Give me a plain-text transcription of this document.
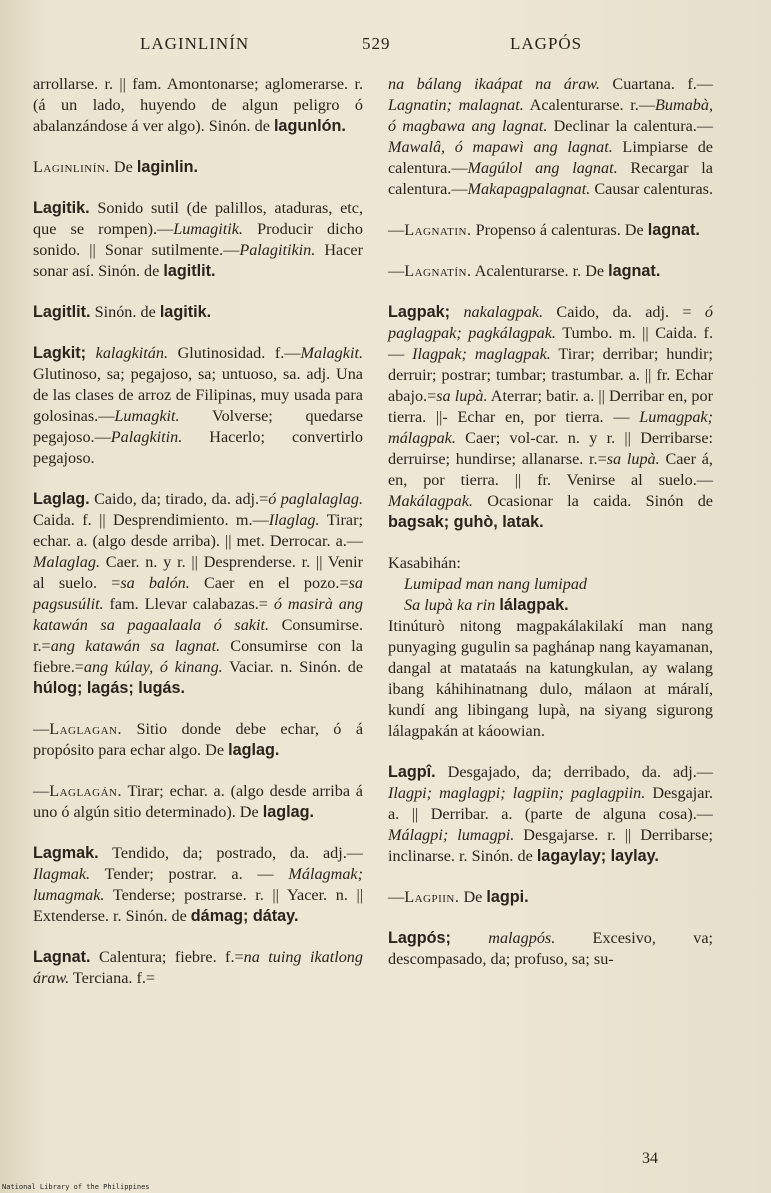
LAGINLINÍN	529	LAGPÓS
arrollarse. r. || fam. Amontonarse; aglomerarse. r. (á un lado, huyendo de algun peligro ó abalanzándose á ver algo). Sinón. de lagunlón.
Laginlinín. De laginlin.
Lagitik. Sonido sutil (de palillos, ataduras, etc, que se rompen).—Lumagitik. Producir dicho sonido. || Sonar sutilmente.—Palagitikin. Hacer sonar así. Sinón. de lagitlit.
Lagitlit. Sinón. de lagitik.
Lagkit; kalagkitán. Glutinosidad. f.—Malagkit. Glutinoso, sa; pegajoso, sa; untuoso, sa. adj. Una de las clases de arroz de Filipinas, muy usada para golosinas.—Lumagkit. Volverse; quedarse pegajoso.—Palagkitin. Hacerlo; convertirlo pegajoso.
Laglag. Caido, da; tirado, da. adj.=ó paglalaglag. Caida. f. || Desprendimiento. m.—Ilaglag. Tirar; echar. a. (algo desde arriba). || met. Derrocar. a.—Malaglag. Caer. n. y r. || Desprenderse. r. || Venir al suelo. =sa balón. Caer en el pozo.=sa pagsusúlit. fam. Llevar calabazas.= ó masirà ang katawán sa pagaalaala ó sakit. Consumirse. r.=ang katawán sa lagnat. Consumirse con la fiebre.=ang kúlay, ó kinang. Vaciar. n. Sinón. de húlog; lagás; lugás.
—Laglagan. Sitio donde debe echar, ó á propósito para echar algo. De laglag.
—Laglagán. Tirar; echar. a. (algo desde arriba á uno ó algún sitio determinado). De laglag.
Lagmak. Tendido, da; postrado, da. adj.—Ilagmak. Tender; postrar. a. — Málagmak; lumagmak. Tenderse; postrarse. r. || Yacer. n. || Extenderse. r. Sinón. de dámag; dátay.
Lagnat. Calentura; fiebre. f.=na tuing ikatlong áraw. Terciana. f.=
na bálang ikaápat na áraw. Cuartana. f.—Lagnatin; malagnat. Acalenturarse. r.—Bumabà, ó magbawa ang lagnat. Declinar la calentura.—Mawalâ, ó mapawì ang lagnat. Limpiarse de calentura.—Magúlol ang lagnat. Recargar la calentura.—Makapagpalagnat. Causar calenturas.
—Lagnatin. Propenso á calenturas. De lagnat.
—Lagnatín. Acalenturarse. r. De lagnat.
Lagpak; nakalagpak. Caido, da. adj. = ó paglagpak; pagkálagpak. Tumbo. m. || Caida. f. — Ilagpak; maglagpak. Tirar; derribar; hundir; derruir; postrar; tumbar; trastumbar. a. || fr. Echar abajo.=sa lupà. Aterrar; batir. a. || Derribar en, por tierra. ||- Echar en, por tierra. — Lumagpak; málagpak. Caer; vol-car. n. y r. || Derribarse: derruirse; hundirse; allanarse. r.=sa lupà. Caer á, en, por tierra. || fr. Venirse al suelo.—Makálagpak. Ocasionar la caida. Sinón de bagsak; guhò, latak.
Kasabihán:
Lumipad man nang lumipad
Sa lupà ka rin lálagpak.
Itinúturò nitong magpakálakilakí man nang punyaging gugulin sa paghánap nang kayamanan, dangal at matataás na katungkulan, ay walang ibang káhihinatnang dulo, málaon at máralí, kundí ang libingang lupà, na siyang sigurong lálagpakán at káoowian.
Lagpî. Desgajado, da; derribado, da. adj.—Ilagpi; maglagpi; lagpiin; paglagpiin. Desgajar. a. || Derribar. a. (parte de alguna cosa).—Málagpi; lumagpi. Desgajarse. r. || Derribarse; inclinarse. r. Sinón. de lagaylay; laylay.
—Lagpiin. De lagpi.
Lagpós; malagpós. Excesivo, va; descompasado, da; profuso, sa; su-
34
National Library of the Philippines
